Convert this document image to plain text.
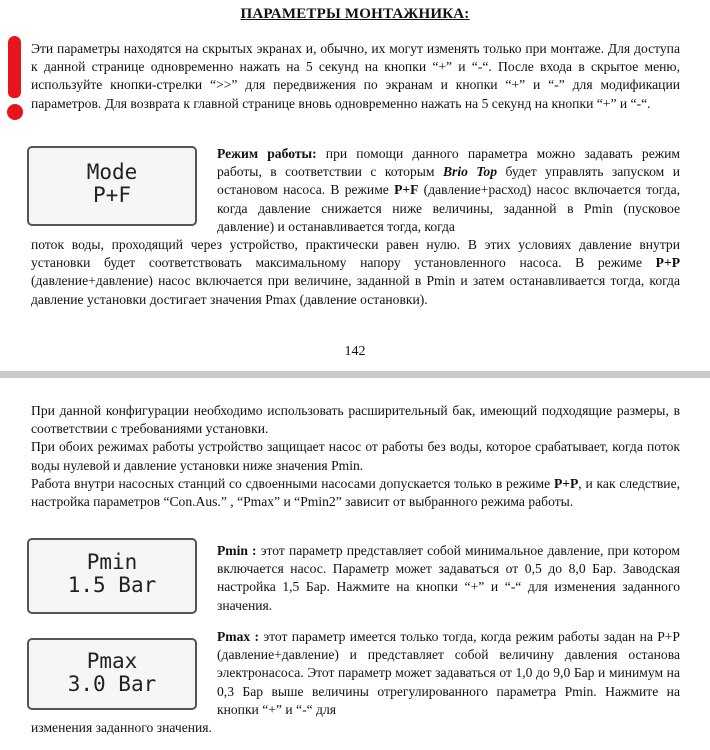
ПАРАМЕТРЫ МОНТАЖНИКА:

Эти параметры находятся на скрытых экранах и, обычно, их могут изменять только при монтаже. Для доступа к данной странице одновременно нажать на 5 секунд на кнопки “+” и “-“. После входа в скрытое меню, используйте кнопки-стрелки “>>” для передвижения по экранам и кнопки “+” и “-” для модификации параметров. Для возврата к главной странице вновь одновременно нажать на 5 секунд на кнопки “+” и “-“.

Mode
P+F

Режим работы: при помощи данного параметра можно задавать режим работы, в соответствии с которым Brio Top будет управлять запуском и остановом насоса. В режиме P+F (давление+расход) насос включается тогда, когда давление снижается ниже величины, заданной в Pmin (пусковое давление) и останавливается тогда, когда

поток воды, проходящий через устройство, практически равен нулю. В этих условиях давление внутри установки будет соответствовать максимальному напору установленного насоса. В режиме P+P (давление+давление) насос включается при величине, заданной в Pmin и затем останавливается тогда, когда давление установки достигает значения Pmax (давление остановки).

142

При данной конфигурации необходимо использовать расширительный бак, имеющий подходящие размеры, в соответствии с требованиями установки.

При обоих режимах работы устройство защищает насос от работы без воды, которое срабатывает, когда поток воды нулевой и давление установки ниже значения Pmin.

Работа внутри насосных станций со сдвоенными насосами допускается только в режиме P+P, и как следствие, настройка параметров “Con.Aus.” , “Pmax” и “Pmin2” зависит от выбранного режима работы.

Pmin
1.5 Bar

Pmin : этот параметр представляет собой минимальное давление, при котором включается насос. Параметр может задаваться от 0,5 до 8,0 Бар. Заводская настройка 1,5 Бар. Нажмите на кнопки “+” и “-“ для изменения заданного значения.

Pmax
3.0 Bar

Pmax : этот параметр имеется только тогда, когда режим работы задан на P+P (давление+давление) и представляет собой величину давления останова электронасоса. Этот параметр может задаваться от 1,0 до 9,0 Бар и минимум на 0,3 Бар выше величины отрегулированного параметра Pmin. Нажмите на кнопки “+” и “-“ для

изменения заданного значения.
